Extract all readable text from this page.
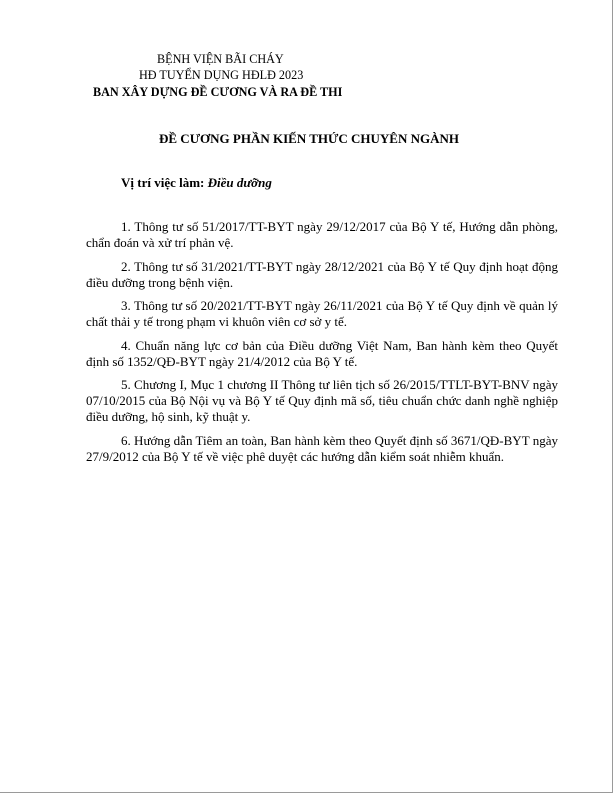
BỆNH VIỆN BÃI CHÁY
HĐ TUYỂN DỤNG HĐLĐ 2023
BAN XÂY DỰNG ĐỀ CƯƠNG VÀ RA ĐỀ THI
ĐỀ CƯƠNG PHẦN KIẾN THỨC CHUYÊN NGÀNH
Vị trí việc làm: Điều dưỡng

1. Thông tư số 51/2017/TT-BYT ngày 29/12/2017 của Bộ Y tế, Hướng dẫn phòng, chẩn đoán và xử trí phản vệ.

2. Thông tư số 31/2021/TT-BYT ngày 28/12/2021 của Bộ Y tế Quy định hoạt động điều dưỡng trong bệnh viện.

3. Thông tư số 20/2021/TT-BYT ngày 26/11/2021 của Bộ Y tế Quy định về quản lý chất thải y tế trong phạm vi khuôn viên cơ sở y tế.

4. Chuẩn năng lực cơ bản của Điều dưỡng Việt Nam, Ban hành kèm theo Quyết định số 1352/QĐ-BYT ngày 21/4/2012 của Bộ Y tế.

5. Chương I, Mục 1 chương II Thông tư liên tịch số 26/2015/TTLT-BYT-BNV ngày 07/10/2015 của Bộ Nội vụ và Bộ Y tế Quy định mã số, tiêu chuẩn chức danh nghề nghiệp điều dưỡng, hộ sinh, kỹ thuật y.

6. Hướng dẫn Tiêm an toàn, Ban hành kèm theo Quyết định số 3671/QĐ-BYT ngày 27/9/2012 của Bộ Y tế về việc phê duyệt các hướng dẫn kiểm soát nhiễm khuẩn.
